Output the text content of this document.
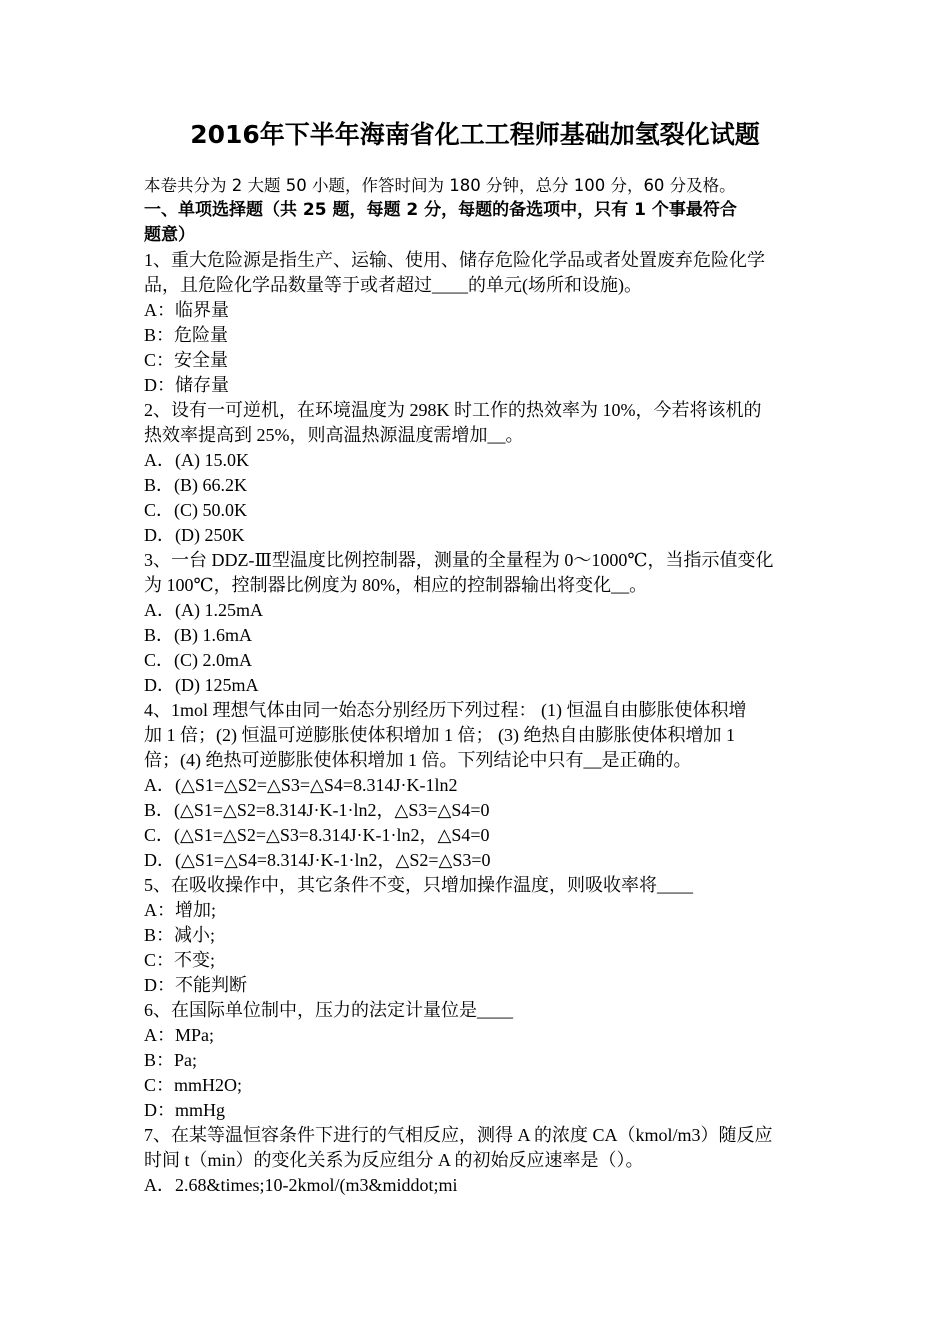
2016年下半年海南省化工工程师基础加氢裂化试题
本卷共分为 2 大题 50 小题，作答时间为 180 分钟，总分 100 分，60 分及格。
一、单项选择题（共 25 题，每题 2 分，每题的备选项中，只有 1 个事最符合
题意）
1、重大危险源是指生产、运输、使用、储存危险化学品或者处置废弃危险化学
品，且危险化学品数量等于或者超过____的单元(场所和设施)。
A：临界量
B：危险量
C：安全量
D：储存量
2、设有一可逆机，在环境温度为 298K 时工作的热效率为 10%，今若将该机的
热效率提高到 25%，则高温热源温度需增加__。
A．(A) 15.0K
B．(B) 66.2K
C．(C) 50.0K
D．(D) 250K
3、一台 DDZ-Ⅲ型温度比例控制器，测量的全量程为 0～1000℃，当指示值变化
为 100℃，控制器比例度为 80%，相应的控制器输出将变化__。
A．(A) 1.25mA
B．(B) 1.6mA
C．(C) 2.0mA
D．(D) 125mA
4、1mol 理想气体由同一始态分别经历下列过程： (1) 恒温自由膨胀使体积增
加 1 倍；(2) 恒温可逆膨胀使体积增加 1 倍； (3) 绝热自由膨胀使体积增加 1
倍；(4) 绝热可逆膨胀使体积增加 1 倍。下列结论中只有__是正确的。
A．(△S1=△S2=△S3=△S4=8.314J·K-1ln2
B．(△S1=△S2=8.314J·K-1·ln2，△S3=△S4=0
C．(△S1=△S2=△S3=8.314J·K-1·ln2，△S4=0
D．(△S1=△S4=8.314J·K-1·ln2，△S2=△S3=0
5、在吸收操作中，其它条件不变，只增加操作温度，则吸收率将____
A：增加;
B：减小;
C：不变;
D：不能判断
6、在国际单位制中，压力的法定计量位是____
A：MPa;
B：Pa;
C：mmH2O;
D：mmHg
7、在某等温恒容条件下进行的气相反应，测得 A 的浓度 CA（kmol/m3）随反应
时间 t（min）的变化关系为反应组分 A 的初始反应速率是（）。
A．2.68&times;10-2kmol/(m3&middot;mi
